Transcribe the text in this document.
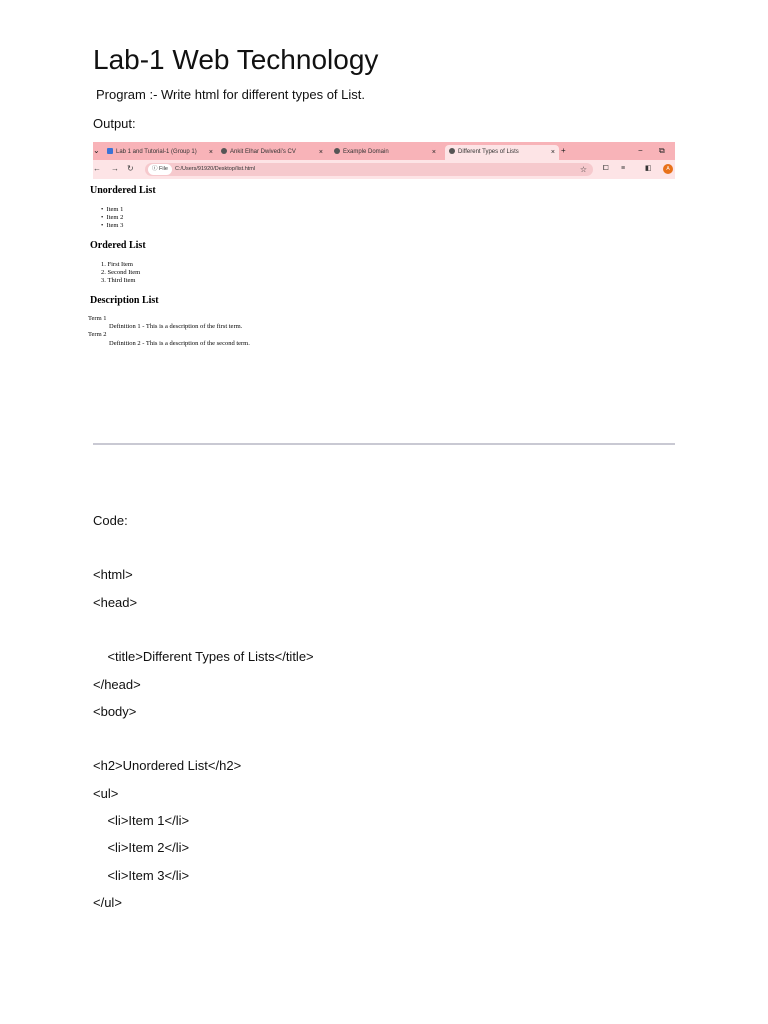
Lab-1 Web Technology
Program :- Write html for different types of List.
Output:
⌄	Lab 1 and Tutorial-1 (Group 1) ×	Ankit Elhar Dwivedi's CV	×	Example Domain	×	Different Types of Lists	× +	− ⧉
← → ↻	ⓘ File	C:/Users/91920/Desktop/list.html	☆ ⧠ ≡	◧	A
Unordered List
•  Item 1
•  Item 2
•  Item 3
Ordered List
1. First Item
2. Second Item
3. Third Item
Description List
Term 1
Definition 1 - This is a description of the first term.
Term 2
Definition 2 - This is a description of the second term.
Code:
<html>
<head>
<title>Different Types of Lists</title>
</head>
<body>
<h2>Unordered List</h2>
<ul>
<li>Item 1</li>
<li>Item 2</li>
<li>Item 3</li>
</ul>
